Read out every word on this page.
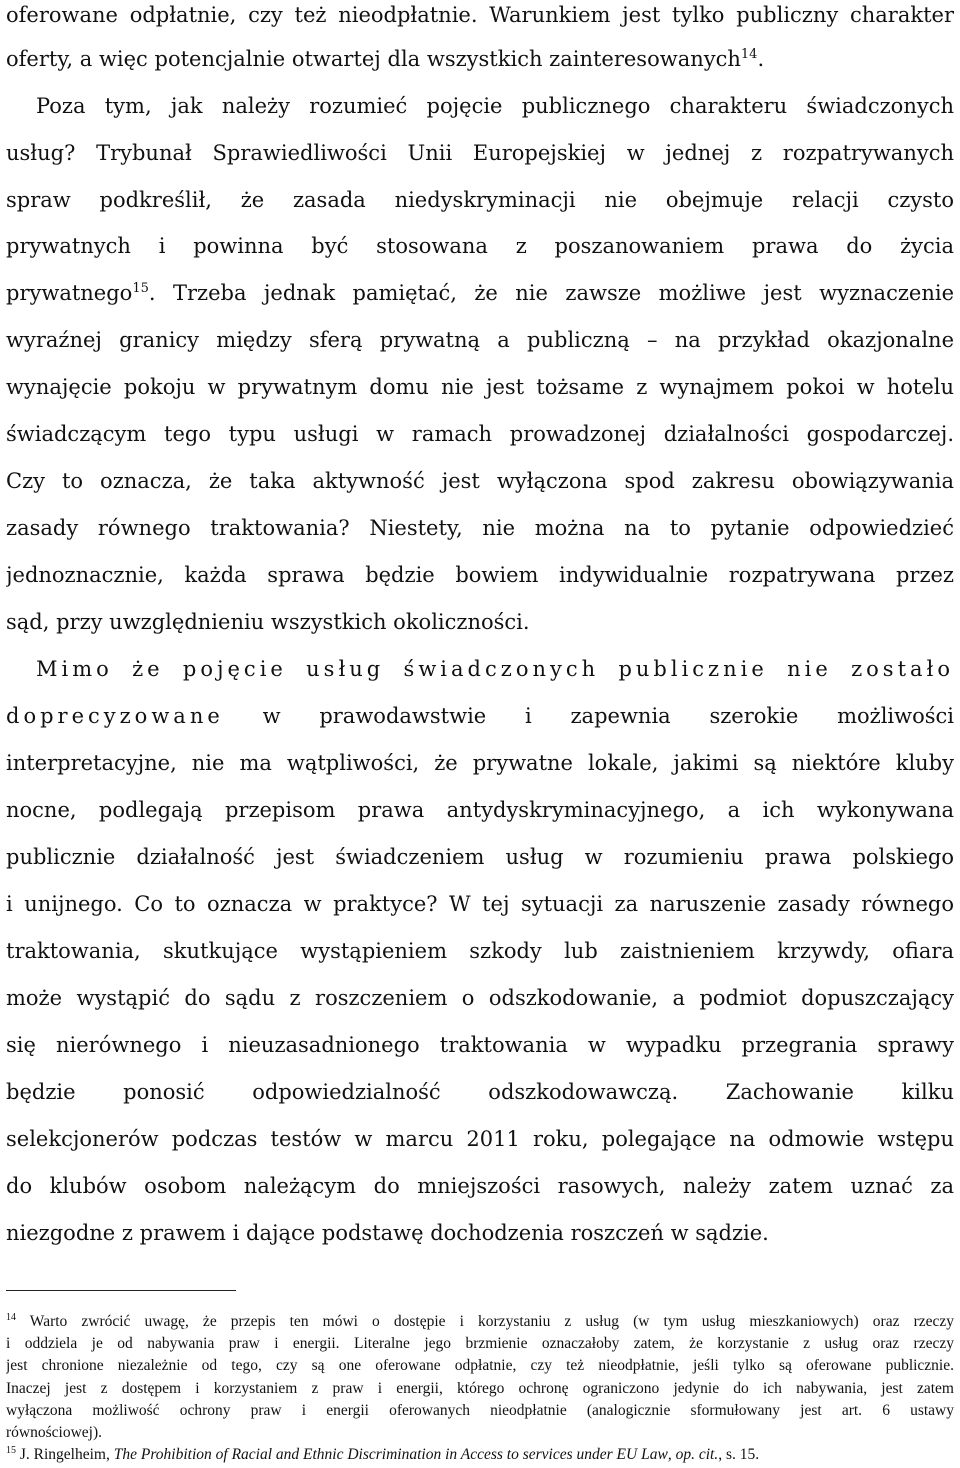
oferowane odpłatnie, czy też nieodpłatnie. Warunkiem jest tylko publiczny charakter
oferty, a więc potencjalnie otwartej dla wszystkich zainteresowanych$^{14}$.
Poza tym, jak należy rozumieć pojęcie publicznego charakteru świadczonych
usług? Trybunał Sprawiedliwości Unii Europejskiej w jednej z rozpatrywanych
spraw podkreślił, że zasada niedyskryminacji nie obejmuje relacji czysto
prywatnych i powinna być stosowana z poszanowaniem prawa do życia
prywatnego$^{15}$. Trzeba jednak pamiętać, że nie zawsze możliwe jest wyznaczenie
wyraźnej granicy między sferą prywatną a publiczną – na przykład okazjonalne
wynajęcie pokoju w prywatnym domu nie jest tożsame z wynajmem pokoi w hotelu
świadczącym tego typu usługi w ramach prowadzonej działalności gospodarczej.
Czy to oznacza, że taka aktywność jest wyłączona spod zakresu obowiązywania
zasady równego traktowania? Niestety, nie można na to pytanie odpowiedzieć
jednoznacznie, każda sprawa będzie bowiem indywidualnie rozpatrywana przez
sąd, przy uwzględnieniu wszystkich okoliczności.
Mimo że pojęcie usług świadczonych publicznie nie zostało
doprecyzowane w prawodawstwie i zapewnia szerokie możliwości
interpretacyjne, nie ma wątpliwości, że prywatne lokale, jakimi są niektóre kluby
nocne, podlegają przepisom prawa antydyskryminacyjnego, a ich wykonywana
publicznie działalność jest świadczeniem usług w rozumieniu prawa polskiego
i unijnego. Co to oznacza w praktyce? W tej sytuacji za naruszenie zasady równego
traktowania, skutkujące wystąpieniem szkody lub zaistnieniem krzywdy, ofiara
może wystąpić do sądu z roszczeniem o odszkodowanie, a podmiot dopuszczający
się nierównego i nieuzasadnionego traktowania w wypadku przegrania sprawy
będzie ponosić odpowiedzialność odszkodowawczą. Zachowanie kilku
selekcjonerów podczas testów w marcu 2011 roku, polegające na odmowie wstępu
do klubów osobom należącym do mniejszości rasowych, należy zatem uznać za
niezgodne z prawem i dające podstawę dochodzenia roszczeń w sądzie.
$^{14}$ Warto zwrócić uwagę, że przepis ten mówi o dostępie i korzystaniu z usług (w tym usług mieszkaniowych) oraz rzeczy
i oddziela je od nabywania praw i energii. Literalne jego brzmienie oznaczałoby zatem, że korzystanie z usług oraz rzeczy
jest chronione niezależnie od tego, czy są one oferowane odpłatnie, czy też nieodpłatnie, jeśli tylko są oferowane publicznie.
Inaczej jest z dostępem i korzystaniem z praw i energii, którego ochronę ograniczono jedynie do ich nabywania, jest zatem
wyłączona możliwość ochrony praw i energii oferowanych nieodpłatnie (analogicznie sformułowany jest art. 6 ustawy
równościowej).
$^{15}$ J. Ringelheim, The Prohibition of Racial and Ethnic Discrimination in Access to services under EU Law, op. cit., s. 15.
